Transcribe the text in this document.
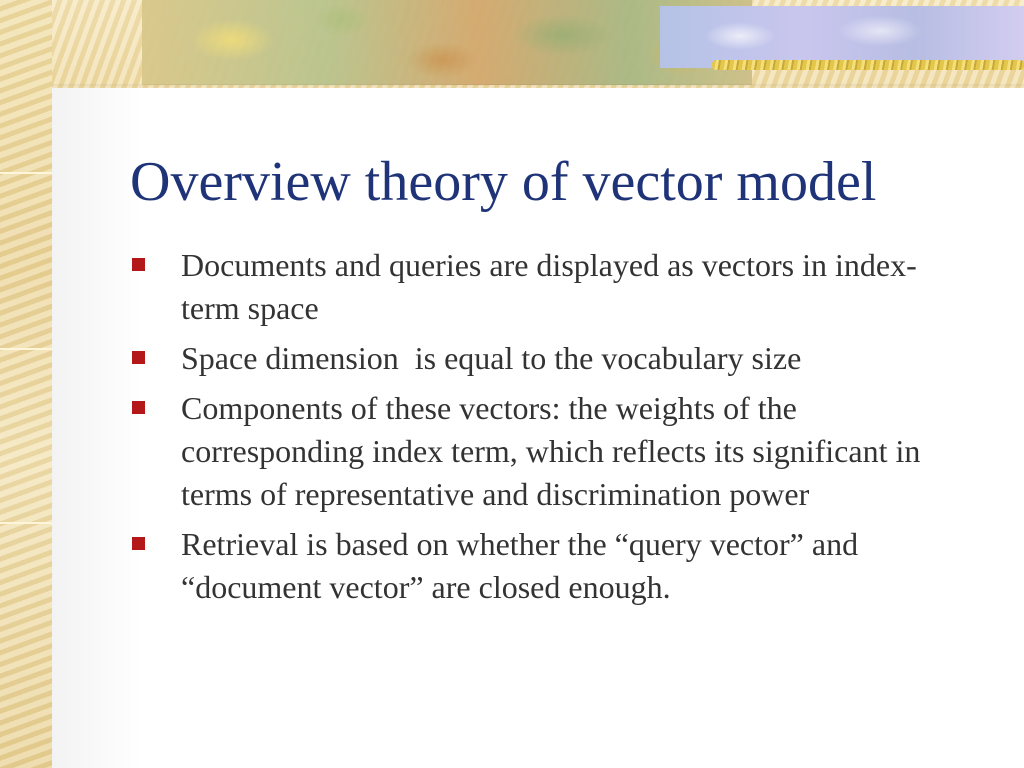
Overview theory of vector model
Documents and queries are displayed as vectors in index-term space
Space dimension  is equal to the vocabulary size
Components of these vectors: the weights of the corresponding index term, which reflects its significant in terms of representative and discrimination power
Retrieval is based on whether the “query vector” and “document vector” are closed enough.
